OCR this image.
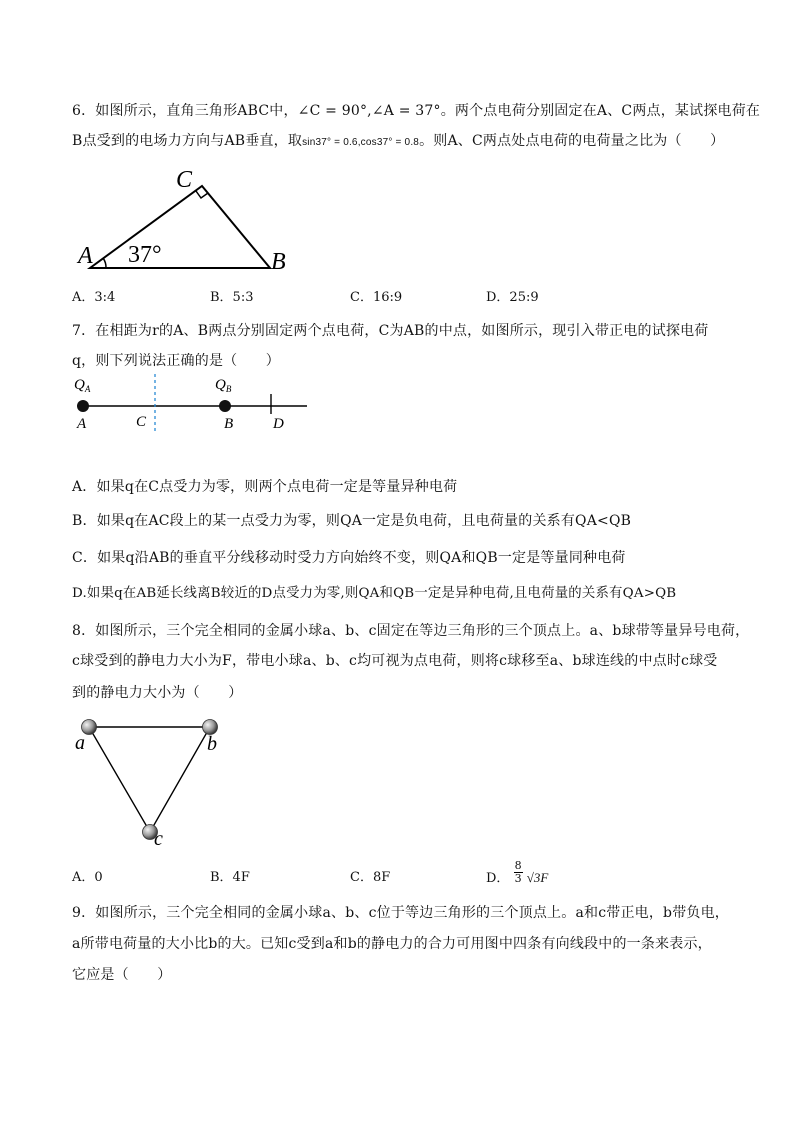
6．如图所示，直角三角形ABC中，∠C = 90°,∠A = 37°。两个点电荷分别固定在A、C两点，某试探电荷在
B点受到的电场力方向与AB垂直，取sin37° = 0.6,cos37° = 0.8。则A、C两点处点电荷的电荷量之比为（　　）
C
A	B
37°
A．3:4	B．5:3	C．16:9	D．25:9
7．在相距为r的A、B两点分别固定两个点电荷，C为AB的中点，如图所示，现引入带正电的试探电荷
q，则下列说法正确的是（　　）
$Q_A$	$Q_B$
A	C	B	D
A．如果q在C点受力为零，则两个点电荷一定是等量异种电荷
B．如果q在AC段上的某一点受力为零，则QA一定是负电荷，且电荷量的关系有QA<QB
C．如果q沿AB的垂直平分线移动时受力方向始终不变，则QA和QB一定是等量同种电荷
D.如果q在AB延长线离B较近的D点受力为零,则QA和QB一定是异种电荷,且电荷量的关系有QA>QB
8．如图所示，三个完全相同的金属小球a、b、c固定在等边三角形的三个顶点上。a、b球带等量异号电荷，
c球受到的静电力大小为F，带电小球a、b、c均可视为点电荷，则将c球移至a、b球连线的中点时c球受
到的静电力大小为（　　）
a	b
c
A．0	B．4F	C．8F	D． $\frac{8}{3} √3F$
9．如图所示，三个完全相同的金属小球a、b、c位于等边三角形的三个顶点上。a和c带正电，b带负电，
a所带电荷量的大小比b的大。已知c受到a和b的静电力的合力可用图中四条有向线段中的一条来表示，
它应是（　　）
